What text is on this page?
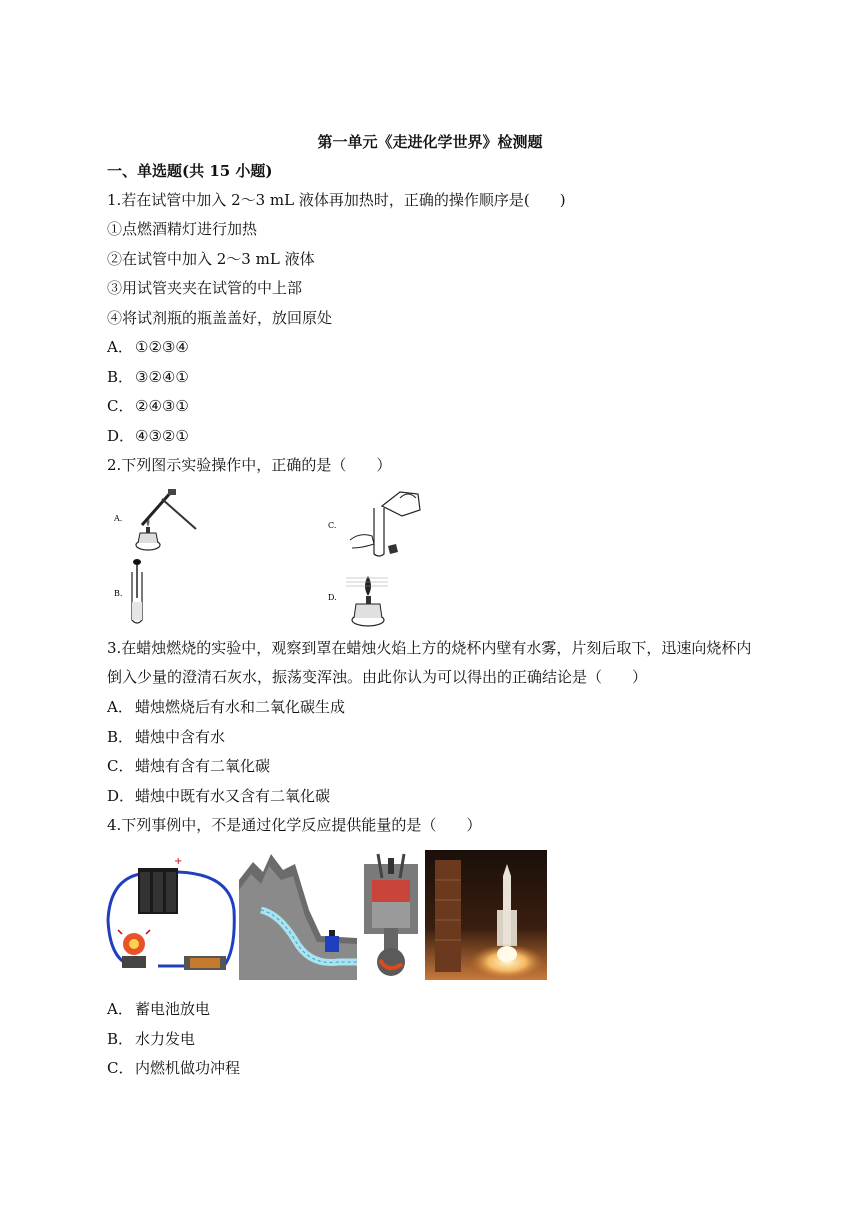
第一单元《走进化学世界》检测题
一、单选题(共 15 小题)
1.若在试管中加入 2～3 mL 液体再加热时，正确的操作顺序是(　　)
①点燃酒精灯进行加热
②在试管中加入 2～3 mL 液体
③用试管夹夹在试管的中上部
④将试剂瓶的瓶盖盖好，放回原处
A． ①②③④
B． ③②④①
C． ②④③①
D．④③②①
2.下列图示实验操作中，正确的是（　　）
A.
B.
C.
D.
3.在蜡烛燃烧的实验中，观察到罩在蜡烛火焰上方的烧杯内壁有水雾，片刻后取下，迅速向烧杯内
倒入少量的澄清石灰水，振荡变浑浊。由此你认为可以得出的正确结论是（　　）
A． 蜡烛燃烧后有水和二氧化碳生成
B． 蜡烛中含有水
C． 蜡烛有含有二氧化碳
D．蜡烛中既有水又含有二氧化碳
4.下列事例中，不是通过化学反应提供能量的是（　　）
+
A． 蓄电池放电
B． 水力发电
C． 内燃机做功冲程
